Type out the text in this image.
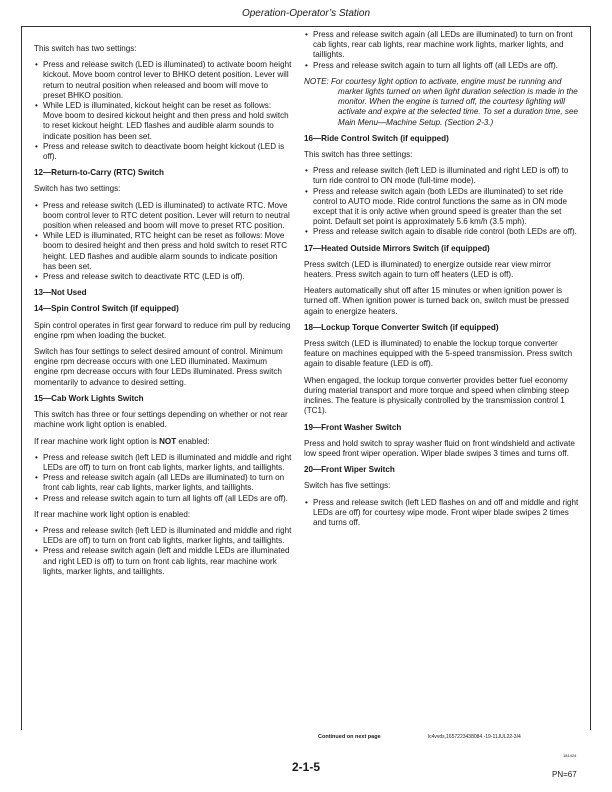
Operation-Operator’s Station

This switch has two settings:

• Press and release switch (LED is illuminated) to activate boom height kickout. Move boom control lever to BHKO detent position. Lever will return to neutral position when released and boom will move to preset BHKO position.
• While LED is illuminated, kickout height can be reset as follows: Move boom to desired kickout height and then press and hold switch to reset kickout height. LED flashes and audible alarm sounds to indicate position has been set.
• Press and release switch to deactivate boom height kickout (LED is off).
12—Return-to-Carry (RTC) Switch

Switch has two settings:

• Press and release switch (LED is illuminated) to activate RTC. Move boom control lever to RTC detent position. Lever will return to neutral position when released and boom will move to preset RTC position.
• While LED is illuminated, RTC height can be reset as follows: Move boom to desired height and then press and hold switch to reset RTC height. LED flashes and audible alarm sounds to indicate position has been set.
• Press and release switch to deactivate RTC (LED is off).
13—Not Used
14—Spin Control Switch (if equipped)

Spin control operates in first gear forward to reduce rim pull by reducing engine rpm when loading the bucket.

Switch has four settings to select desired amount of control. Minimum engine rpm decrease occurs with one LED illuminated. Maximum engine rpm decrease occurs with four LEDs illuminated. Press switch momentarily to advance to desired setting.

15—Cab Work Lights Switch

This switch has three or four settings depending on whether or not rear machine work light option is enabled.

If rear machine work light option is NOT enabled:

• Press and release switch (left LED is illuminated and middle and right LEDs are off) to turn on front cab lights, marker lights, and taillights.
• Press and release switch again (all LEDs are illuminated) to turn on front cab lights, rear cab lights, marker lights, and taillights.
• Press and release switch again to turn all lights off (all LEDs are off).

If rear machine work light option is enabled:

• Press and release switch (left LED is illuminated and middle and right LEDs are off) to turn on front cab lights, marker lights, and taillights.
• Press and release switch again (left and middle LEDs are illuminated and right LED is off) to turn on front cab lights, rear machine work lights, marker lights, and taillights.
• Press and release switch again (all LEDs are illuminated) to turn on front cab lights, rear cab lights, rear machine work lights, marker lights, and taillights.
• Press and release switch again to turn all lights off (all LEDs are off).

NOTE: For courtesy light option to activate, engine must be running and marker lights turned on when light duration selection is made in the monitor. When the engine is turned off, the courtesy lighting will activate and expire at the selected time. To set a duration time, see Main Menu—Machine Setup. (Section 2-3.)

16—Ride Control Switch (if equipped)

This switch has three settings:

• Press and release switch (left LED is illuminated and right LED is off) to turn ride control to ON mode (full-time mode).
• Press and release switch again (both LEDs are illuminated) to set ride control to AUTO mode. Ride control functions the same as in ON mode except that it is only active when ground speed is greater than the set point. Default set point is approximately 5.6 km/h (3.5 mph).
• Press and release switch again to disable ride control (both LEDs are off).
17—Heated Outside Mirrors Switch (if equipped)

Press switch (LED is illuminated) to energize outside rear view mirror heaters. Press switch again to turn off heaters (LED is off).

Heaters automatically shut off after 15 minutes or when ignition power is turned off. When ignition power is turned back on, switch must be pressed again to energize heaters.

18—Lockup Torque Converter Switch (if equipped)

Press switch (LED is illuminated) to enable the lockup torque converter feature on machines equipped with the 5-speed transmission. Press switch again to disable feature (LED is off).

When engaged, the lockup torque converter provides better fuel economy during material transport and more torque and speed when climbing steep inclines. The feature is physically controlled by the transmission control 1 (TC1).

19—Front Washer Switch

Press and hold switch to spray washer fluid on front windshield and activate low speed front wiper operation. Wiper blade swipes 3 times and turns off.

20—Front Wiper Switch

Switch has five settings:

• Press and release switch (left LED flashes on and off and middle and right LEDs are off) for courtesy wipe mode. Front wiper blade swipes 2 times and turns off.
Continued on next page	lc4vvds,1657223438084 -19-11JUL22-3/4
181424
2-1-5
PN=67
